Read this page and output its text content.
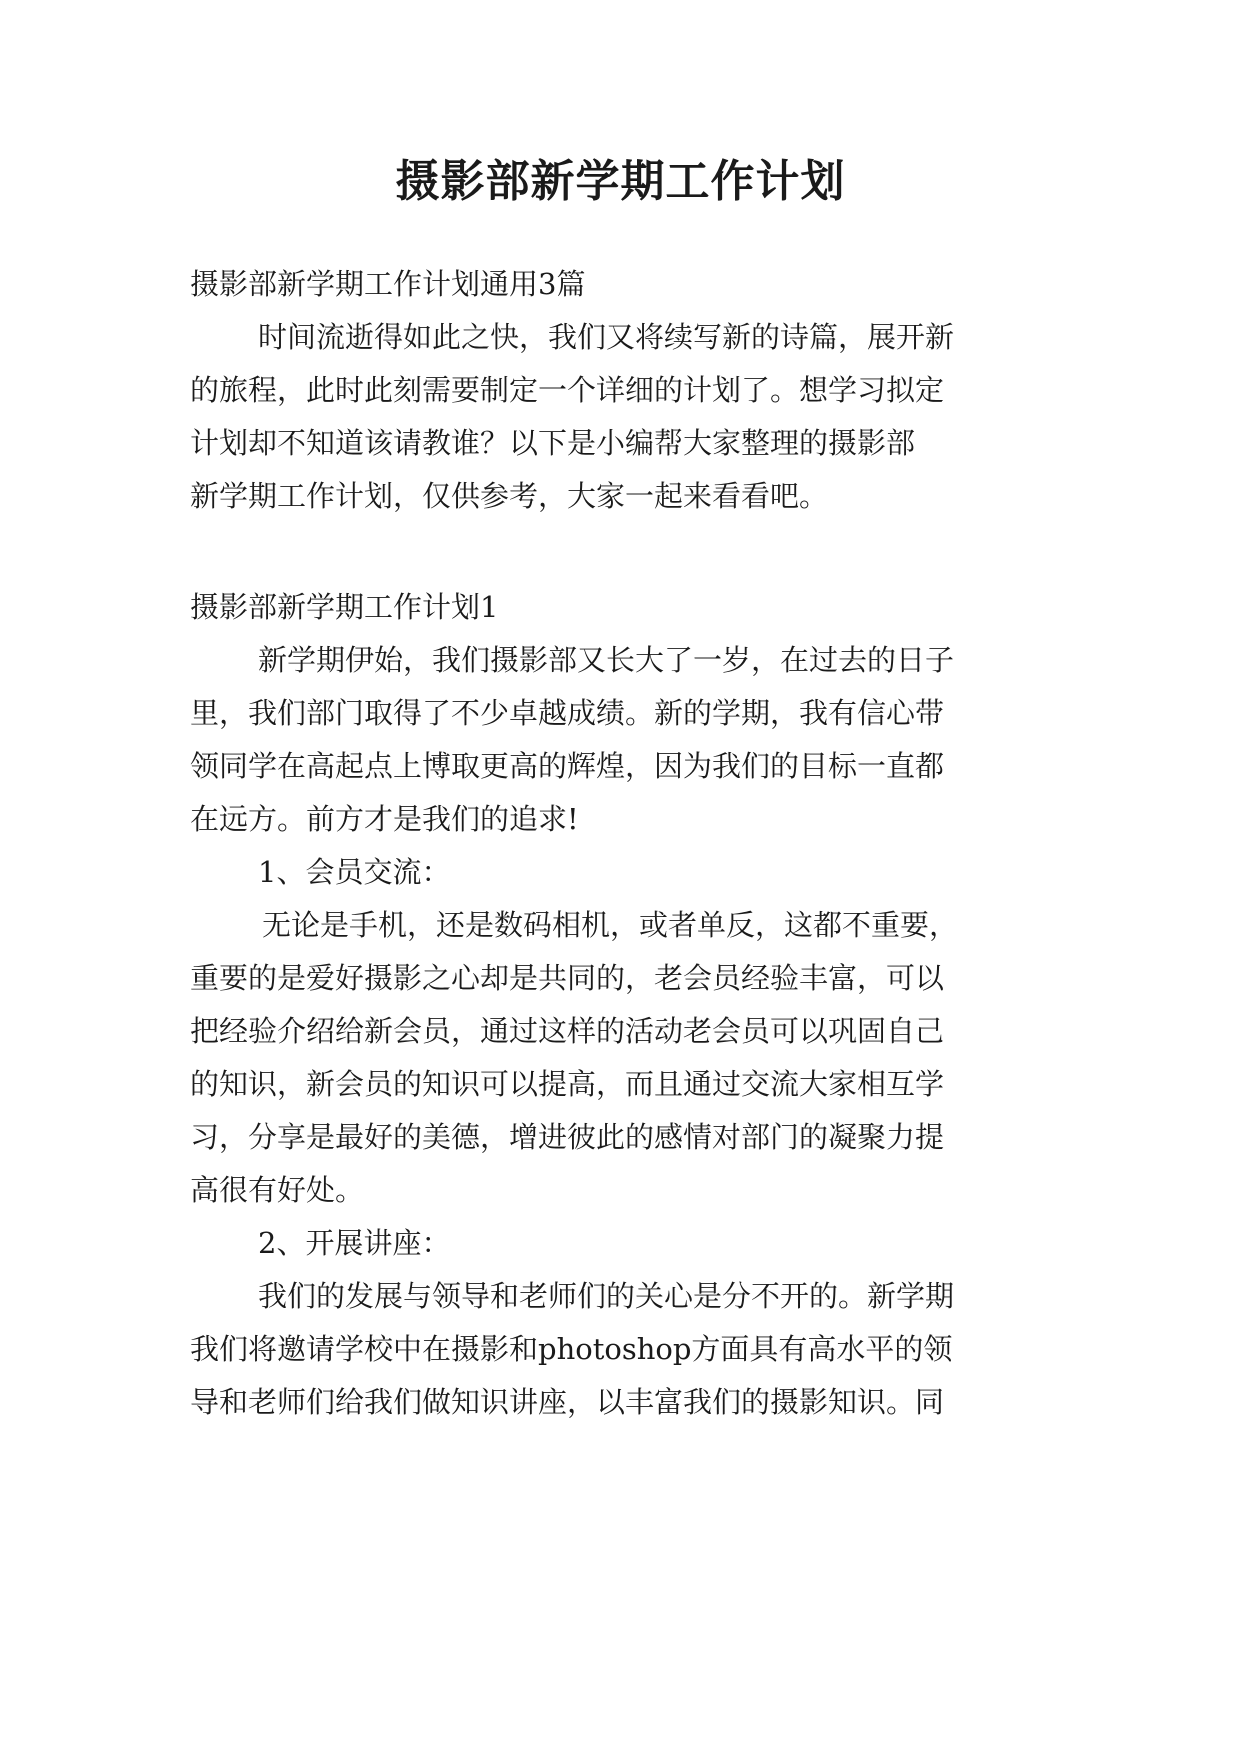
摄影部新学期工作计划
摄影部新学期工作计划通用3篇
时间流逝得如此之快，我们又将续写新的诗篇，展开新
的旅程，此时此刻需要制定一个详细的计划了。想学习拟定
计划却不知道该请教谁？以下是小编帮大家整理的摄影部
新学期工作计划，仅供参考，大家一起来看看吧。
摄影部新学期工作计划1
新学期伊始，我们摄影部又长大了一岁，在过去的日子
里，我们部门取得了不少卓越成绩。新的学期，我有信心带
领同学在高起点上博取更高的辉煌，因为我们的目标一直都
在远方。前方才是我们的追求!
1、会员交流：
无论是手机，还是数码相机，或者单反，这都不重要，
重要的是爱好摄影之心却是共同的，老会员经验丰富，可以
把经验介绍给新会员，通过这样的活动老会员可以巩固自己
的知识，新会员的知识可以提高，而且通过交流大家相互学
习，分享是最好的美德，增进彼此的感情对部门的凝聚力提
高很有好处。
2、开展讲座：
我们的发展与领导和老师们的关心是分不开的。新学期
我们将邀请学校中在摄影和photoshop方面具有高水平的领
导和老师们给我们做知识讲座，以丰富我们的摄影知识。同
